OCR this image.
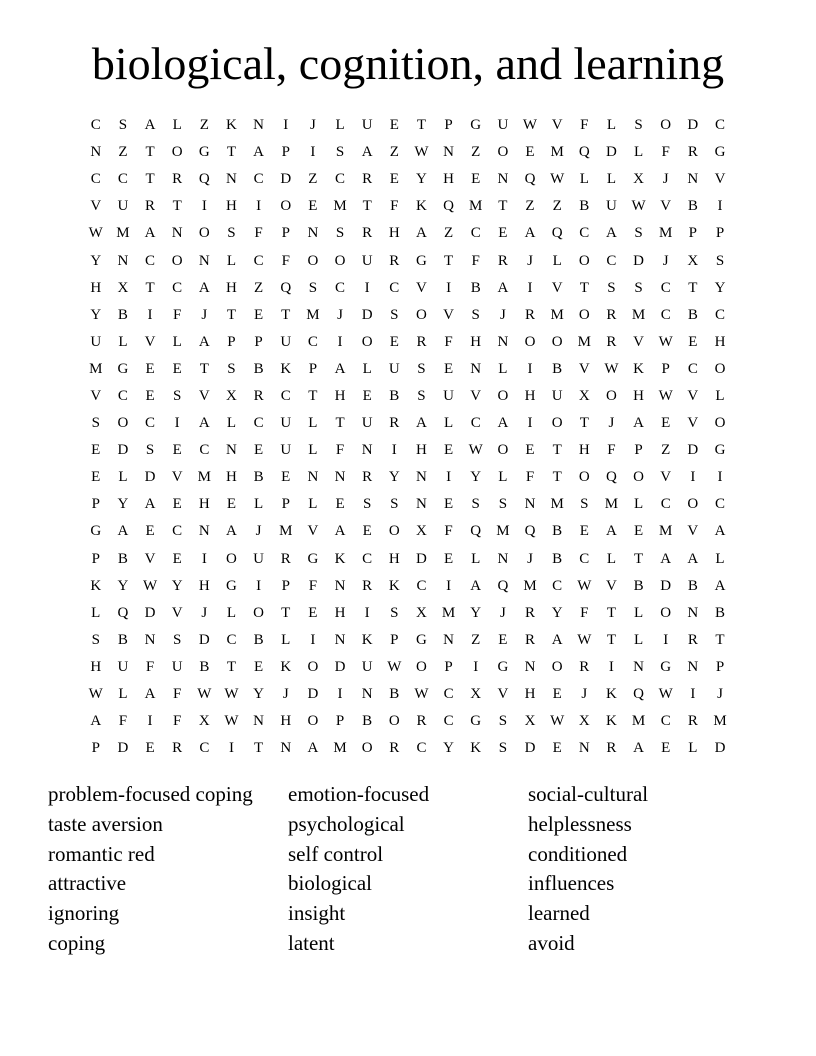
biological, cognition, and learning
C	S	A	L	Z	K	N	I	J	L	U	E	T	P	G	U W V	F	L	S	O	D	C
N	Z	T	O	G	T	A	P	I	S	A	Z	W N	Z	O	E	M	Q	D	L	F	R	G
C	C	T	R	Q	N	C	D	Z	C	R	E	Y	H	E	N	Q W	L	L	X	J	N	V
V	U	R	T	I	H	I	O	E	M	T	F	K	Q	M	T	Z	Z	B	U W V	B	I
W M	A	N	O	S	F	P	N	S	R	H	A	Z	C	E	A	Q	C	A	S	M	P	P
Y	N	C	O	N	L	C	F	O	O	U	R	G	T	F	R	J	L	O	C	D	J	X	S
H	X	T	C	A	H	Z	Q	S	C	I	C	V	I	B	A	I	V	T	S	S	C	T	Y
Y	B	I	F	J	T	E	T	M	J	D	S	O	V	S	J	R	M	O	R	M	C	B	C
U	L	V	L	A	P	P	U	C	I	O	E	R	F	H	N	O	O	M	R	V W	E	H
M	G	E	E	T	S	B	K	P	A	L	U	S	E	N	L	I	B	V W K	P	C	O
V	C	E	S	V	X	R	C	T	H	E	B	S	U	V	O	H	U	X	O	H W V	L
S	O	C	I	A	L	C	U	L	T	U	R	A	L	C	A	I	O	T	J	A	E	V	O
E	D	S	E	C	N	E	U	L	F	N	I	H	E	W O	E	T	H	F	P	Z	D	G
E	L	D	V	M	H	B	E	N	N	R	Y	N	I	Y	L	F	T	O	Q	O	V	I	I
P	Y	A	E	H	E	L	P	L	E	S	S	N	E	S	S	N	M	S	M	L	C	O	C
G	A	E	C	N	A	J	M	V	A	E	O	X	F	Q	M	Q	B	E	A	E	M	V	A
P	B	V	E	I	O	U	R	G	K	C	H	D	E	L	N	J	B	C	L	T	A	A	L
K	Y W Y	H	G	I	P	F	N	R	K	C	I	A	Q	M	C	W V	B	D	B	A
L	Q	D	V	J	L	O	T	E	H	I	S	X	M	Y	J	R	Y	F	T	L	O	N	B
S	B	N	S	D	C	B	L	I	N	K	P	G	N	Z	E	R	A W	T	L	I	R	T
H	U	F	U	B	T	E	K	O	D	U W O	P	I	G	N	O	R	I	N	G	N	P
W	L	A	F	W W Y	J	D	I	N	B	W	C	X	V	H	E	J	K	Q W	I	J
A	F	I	F	X W N	H	O	P	B	O	R	C	G	S	X W X	K	M	C	R	M
P	D	E	R	C	I	T	N	A	M	O	R	C	Y	K	S	D	E	N	R	A	E	L	D
problem-focused coping
taste aversion
romantic red
attractive
ignoring
coping
emotion-focused
psychological
self control
biological
insight
latent
social-cultural
helplessness
conditioned
influences
learned
avoid
